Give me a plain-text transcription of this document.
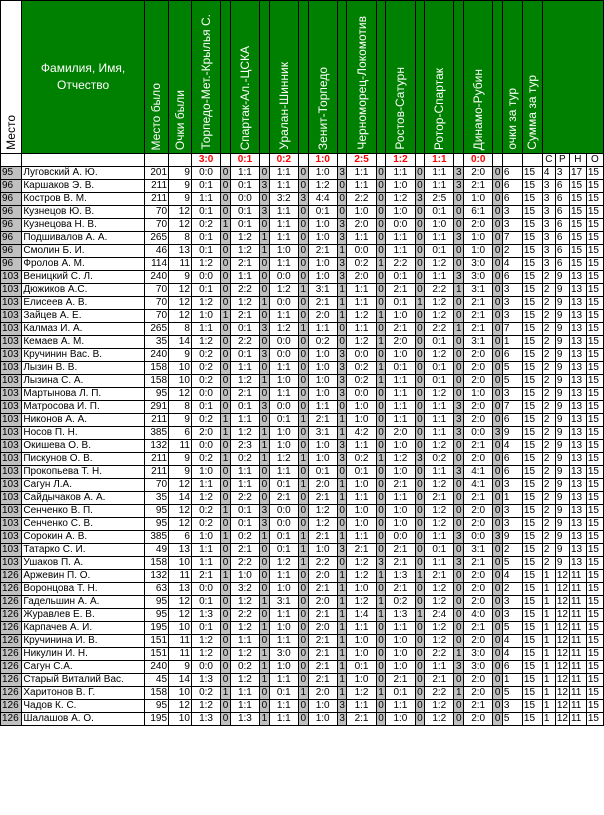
Место	Фамилия, Имя, Отчество	Место было	Очки были	Торпедо-Мет.-Крылья С.		Спартак-Ал.-ЦСКА		Уралан-Шинник		Зенит-Торпедо		Черноморец-Локомотив		Ростов-Сатурн		Ротор-Спартак		Динамо-Рубин		очки за тур	Сумма за тур				

				3:0		0:1		0:2		1:0		2:5		1:2		1:1		0:0				С	Р	Н	О
95	Луговский А. Ю.	201	9	0:0	0	1:1	0	1:1	0	1:0	3	1:1	0	1:1	0	1:1	3	2:0	0	6	15	4	3	17	15
96	Каршаков Э. В.	211	9	0:1	0	0:1	3	1:1	0	1:2	0	1:1	0	1:0	0	1:1	3	2:1	0	6	15	3	6	15	15
96	Кострoв В. М.	211	9	1:1	0	0:0	0	3:2	3	4:4	0	2:2	0	1:2	3	2:5	0	1:0	0	6	15	3	6	15	15
96	Кузнецов Ю. В.	70	12	0:1	0	0:1	3	1:1	0	0:1	0	1:0	0	1:0	0	0:1	0	6:1	0	3	15	3	6	15	15
96	Кузнецова Н. В.	70	12	0:2	1	0:1	0	1:1	0	1:0	3	2:0	0	0:0	0	1:0	0	2:0	0	3	15	3	6	15	15
96	Подшивалов А. А.	265	8	0:1	0	1:2	1	1:1	0	1:0	3	1:1	0	1:1	0	1:1	3	1:0	0	7	15	3	6	15	15
96	Смолин Б. И.	46	13	0:1	0	1:2	1	1:0	0	2:1	1	0:0	0	1:1	0	0:1	0	1:0	0	2	15	3	6	15	15
96	Фролов А. М.	114	11	1:2	0	2:1	0	1:1	0	1:0	3	0:2	1	2:2	0	1:2	0	3:0	0	4	15	3	6	15	15
103	Веницкий С. Л.	240	9	0:0	0	1:1	0	0:0	0	1:0	3	2:0	0	0:1	0	1:1	3	3:0	0	6	15	2	9	13	15
103	Дюжиков А.С.	70	12	0:1	0	2:2	0	1:2	1	3:1	1	1:1	0	2:1	0	2:2	1	3:1	0	3	15	2	9	13	15
103	Елисеев А. В.	70	12	1:2	0	1:2	1	0:0	0	2:1	1	1:1	0	0:1	1	1:2	0	2:1	0	3	15	2	9	13	15
103	Зайцев А. Е.	70	12	1:0	1	2:1	0	1:1	0	2:0	1	1:2	1	1:0	0	1:2	0	2:1	0	3	15	2	9	13	15
103	Калмаз И. А.	265	8	1:1	0	0:1	3	1:2	1	1:1	0	1:1	0	2:1	0	2:2	1	2:1	0	7	15	2	9	13	15
103	Кемаев А. М.	35	14	1:2	0	2:2	0	0:0	0	0:2	0	1:2	1	2:0	0	0:1	0	3:1	0	1	15	2	9	13	15
103	Кручинин Вас. В.	240	9	0:2	0	0:1	3	0:0	0	1:0	3	0:0	0	1:0	0	1:2	0	2:0	0	6	15	2	9	13	15
103	Лызин В. В.	158	10	0:2	0	1:1	0	1:1	0	1:0	3	0:2	1	0:1	0	0:1	0	2:0	0	5	15	2	9	13	15
103	Лызина С. А.	158	10	0:2	0	1:2	1	1:0	0	1:0	3	0:2	1	1:1	0	0:1	0	2:0	0	5	15	2	9	13	15
103	Мартынова Л. П.	95	12	0:0	0	2:1	0	1:1	0	1:0	3	0:0	0	1:1	0	1:2	0	1:0	0	3	15	2	9	13	15
103	Матросова И. П.	291	8	0:1	0	0:1	3	0:0	0	1:1	0	1:0	0	1:1	0	1:1	3	2:0	0	7	15	2	9	13	15
103	Никонов А. А.	211	9	0:2	1	1:1	0	0:1	1	2:1	1	1:0	0	1:1	0	1:1	3	2:0	0	6	15	2	9	13	15
103	Носов П. Н.	385	6	2:0	1	1:2	1	1:0	0	3:1	1	4:2	0	2:0	0	1:1	3	0:0	3	9	15	2	9	13	15
103	Окишева О. В.	132	11	0:0	0	2:3	1	1:0	0	1:0	3	1:1	0	1:0	0	1:2	0	2:1	0	4	15	2	9	13	15
103	Пискунов О. В.	211	9	0:2	1	0:2	1	1:2	1	1:0	3	0:2	1	1:2	3	0:2	0	2:0	0	6	15	2	9	13	15
103	Прокопьева Т. Н.	211	9	1:0	0	1:1	0	1:1	0	0:1	0	0:1	0	1:0	0	1:1	3	4:1	0	6	15	2	9	13	15
103	Сагун Л.А.	70	12	1:1	0	1:1	0	0:1	1	2:0	1	1:0	0	2:1	0	1:2	0	4:1	0	3	15	2	9	13	15
103	Сайдычаков А. А.	35	14	1:2	0	2:2	0	2:1	0	2:1	1	1:1	0	1:1	0	2:1	0	2:1	0	1	15	2	9	13	15
103	Сенченко В. П.	95	12	0:2	1	0:1	3	0:0	0	1:2	0	1:0	0	1:0	0	1:2	0	2:0	0	3	15	2	9	13	15
103	Сенченко С. В.	95	12	0:2	0	0:1	3	0:0	0	1:2	0	1:0	0	1:0	0	1:2	0	2:0	0	3	15	2	9	13	15
103	Сорокин А. В.	385	6	1:0	1	0:2	1	0:1	1	2:1	1	1:1	0	0:0	0	1:1	3	0:0	3	9	15	2	9	13	15
103	Татарко С. И.	49	13	1:1	0	2:1	0	0:1	1	1:0	3	2:1	0	2:1	0	0:1	0	3:1	0	2	15	2	9	13	15
103	Ушаков П. А.	158	10	1:1	0	2:2	0	1:2	1	2:2	0	1:2	3	2:1	0	1:1	3	2:1	0	5	15	2	9	13	15
126	Аржевин П. О.	132	11	2:1	1	1:0	0	1:1	0	2:0	1	1:2	1	1:3	1	2:1	0	2:0	0	4	15	1	12	11	15
126	Воронцова Т. Н.	63	13	0:0	0	3:2	0	1:0	0	2:1	1	1:0	0	2:1	0	1:2	0	2:0	0	2	15	1	12	11	15
126	Гадельшин А. А.	95	12	0:1	0	1:2	1	3:1	0	2:0	1	1:2	1	0:2	0	1:2	0	2:0	0	3	15	1	12	11	15
126	Журавлев Е. В.	95	12	1:3	0	2:2	0	1:1	0	2:1	1	1:4	1	1:3	1	2:4	0	4:0	0	3	15	1	12	11	15
126	Карпачев А. И.	195	10	0:1	0	1:2	1	1:0	0	2:0	1	1:1	0	1:1	0	1:2	0	2:1	0	5	15	1	12	11	15
126	Кручинина И. В.	151	11	1:2	0	1:1	0	1:1	0	2:1	1	1:0	0	1:0	0	1:2	0	2:0	0	4	15	1	12	11	15
126	Никулин И. Н.	151	11	1:2	0	1:2	1	3:0	0	2:1	1	1:0	0	1:0	0	2:2	1	3:0	0	4	15	1	12	11	15
126	Сагун С.А.	240	9	0:0	0	0:2	1	1:0	0	2:1	1	0:1	0	1:0	0	1:1	3	3:0	0	6	15	1	12	11	15
126	Старый Виталий Вас.	45	14	1:3	0	1:2	1	1:1	0	2:1	1	1:0	0	2:1	0	2:1	0	2:0	0	1	15	1	12	11	15
126	Харитонов В. Г.	158	10	0:2	1	1:1	0	0:1	1	2:0	1	1:2	1	0:1	0	2:2	1	2:0	0	5	15	1	12	11	15
126	Чадов К. С.	95	12	1:2	0	1:1	0	1:1	0	1:0	3	1:1	0	1:1	0	1:2	0	2:1	0	3	15	1	12	11	15
126	Шалашов А. О.	195	10	1:3	0	1:3	1	1:1	0	1:0	3	2:1	0	1:0	0	1:2	0	2:0	0	5	15	1	12	11	15
